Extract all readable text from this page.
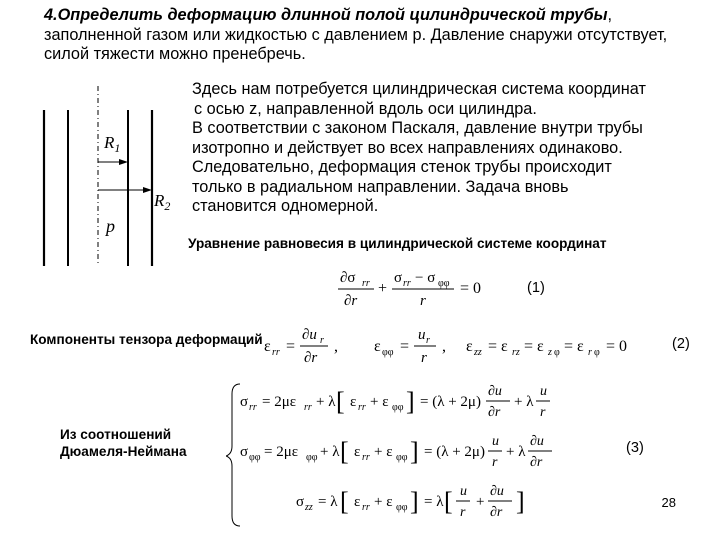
4.Определить деформацию длинной полой цилиндрической трубы, заполненной газом или жидкостью с давлением p. Давление снаружи отсутствует, силой тяжести можно пренебречь.

Здесь нам потребуется цилиндрическая система координат

с осью z, направленной вдоль оси цилиндра.

В соответствии с законом Паскаля, давление внутри трубы

изотропно и действует во всех направлениях одинаково.

Следовательно, деформация стенок трубы происходит

только в радиальном направлении. Задача вновь

становится одномерной.

$R_1$
$R_2$
p
Уравнение равновесия в цилиндрической системе координат
∂σ rr
∂r
+
σ rr − σ φφ
r
= 0	(1)
Компоненты тензора деформаций ε rr =
∂u r
∂r
, ε φφ =
u r
r
, ε zz = ε rz = ε z φ = ε r φ = 0	(2)
Из соотношений Дюамеля-Неймана
σ rr = 2με rr + λ [ ε rr + ε φφ ] = (λ + 2μ)
∂u
∂r
+ λ
u
r
σ φφ = 2με φφ + λ [ ε rr + ε φφ ] = (λ + 2μ)
u
r
+ λ
∂u
∂r
σ zz = λ [ ε rr + ε φφ ] = λ [ u
r
+
∂u
∂r ]
(3)
28
